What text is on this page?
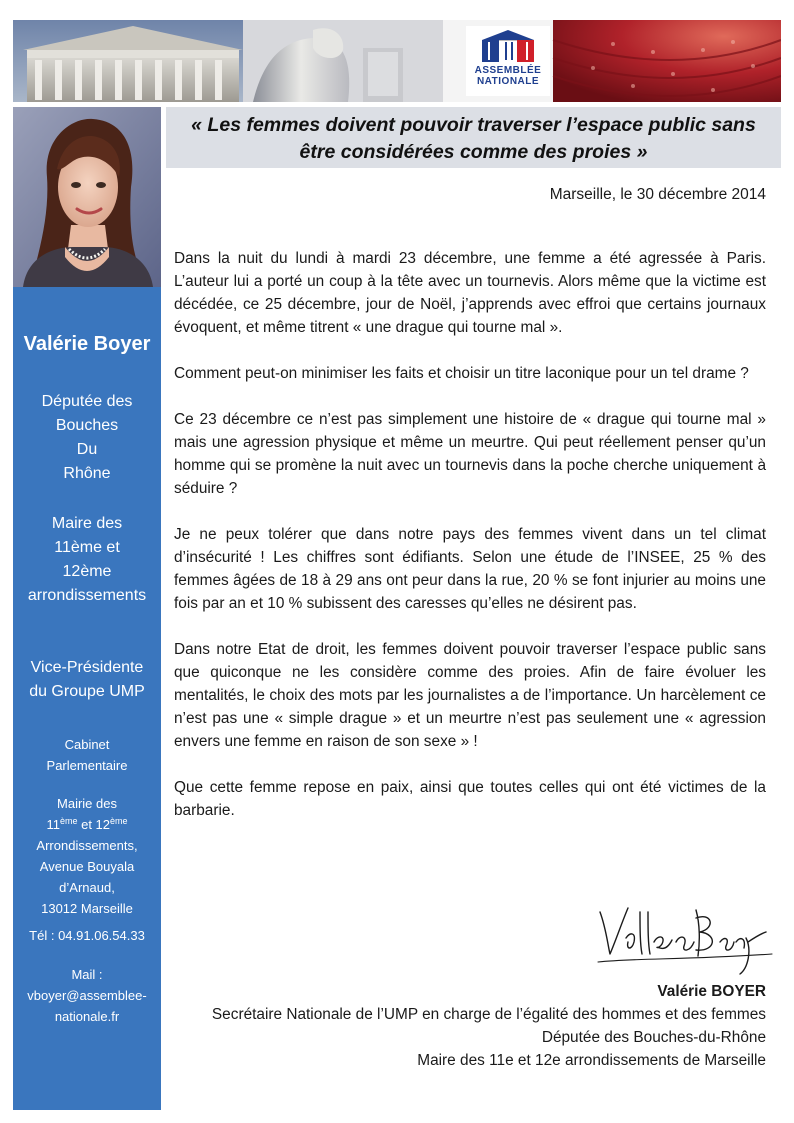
ASSEMBLÉE
NATIONALE
Valérie Boyer
Députée des
Bouches
Du
Rhône
Maire des
11ème et
12ème
arrondissements
Vice-Présidente
du Groupe UMP
Cabinet
Parlementaire
Mairie des
11ème et 12ème
Arrondissements,
Avenue Bouyala
d’Arnaud,
13012 Marseille
Tél : 04.91.06.54.33
Mail :
vboyer@assemblee-
nationale.fr

« Les femmes doivent pouvoir traverser l’espace public sans
être considérées comme des proies »

Marseille, le 30 décembre 2014

Dans la nuit du lundi à mardi 23 décembre, une femme a été agressée à Paris. L’auteur lui a porté un coup à la tête avec un tournevis. Alors même que la victime est décédée, ce 25 décembre, jour de Noël, j’apprends avec effroi que certains journaux évoquent, et même titrent « une drague qui tourne mal ».

Comment peut-on minimiser les faits et choisir un titre laconique pour un tel drame ?

Ce 23 décembre ce n’est pas simplement une histoire de « drague qui tourne mal » mais une agression physique et même un meurtre. Qui peut réellement penser qu’un homme qui se promène la nuit avec un tournevis dans la poche cherche uniquement à séduire ?

Je ne peux tolérer que dans notre pays des femmes vivent dans un tel climat d’insécurité ! Les chiffres sont édifiants. Selon une étude de l’INSEE, 25 % des femmes âgées de 18 à 29 ans ont peur dans la rue, 20 % se font injurier au moins une fois par an et 10 % subissent des caresses qu’elles ne désirent pas.

Dans notre Etat de droit, les femmes doivent pouvoir traverser l’espace public sans que quiconque ne les considère comme des proies. Afin de faire évoluer les mentalités, le choix des mots par les journalistes a de l’importance. Un harcèlement ce n’est pas une « simple drague » et un meurtre n’est pas seulement une « agression envers une femme en raison de son sexe » !

Que cette femme repose en paix, ainsi que toutes celles qui ont été victimes de la barbarie.

Valérie BOYER
Secrétaire Nationale de l’UMP en charge de l’égalité des hommes et des femmes
Députée des Bouches-du-Rhône
Maire des 11e et 12e arrondissements de Marseille
